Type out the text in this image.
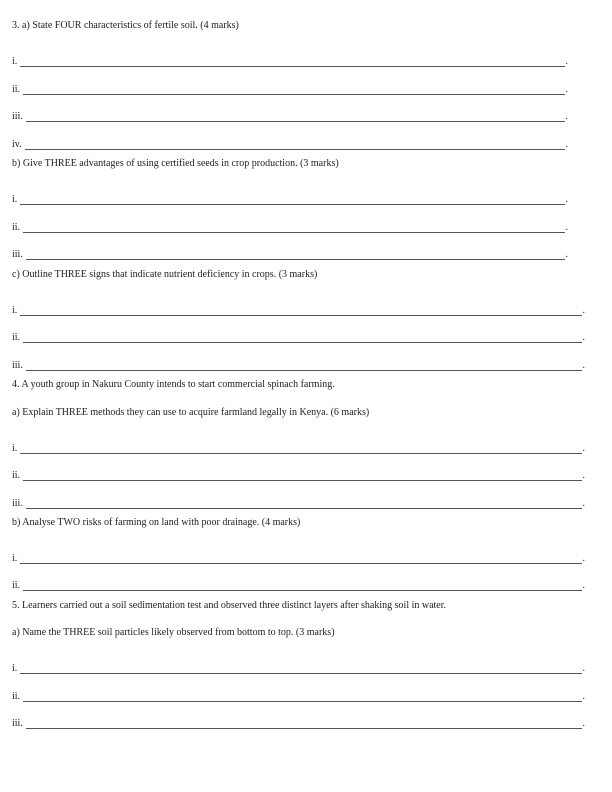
3. a) State FOUR characteristics of fertile soil. (4 marks)
i.	.
ii.	.
iii.	.
iv.	.
b) Give THREE advantages of using certified seeds in crop production. (3 marks)
i.	.
ii.	.
iii.	.
c) Outline THREE signs that indicate nutrient deficiency in crops. (3 marks)
i.	.
ii.	.
iii.	.
4. A youth group in Nakuru County intends to start commercial spinach farming.
a) Explain THREE methods they can use to acquire farmland legally in Kenya. (6 marks)
i.	.
ii.	.
iii.	.
b) Analyse TWO risks of farming on land with poor drainage. (4 marks)
i.	.
ii.	.
5. Learners carried out a soil sedimentation test and observed three distinct layers after shaking soil in water.
a) Name the THREE soil particles likely observed from bottom to top. (3 marks)
i.	.
ii.	.
iii.	.
